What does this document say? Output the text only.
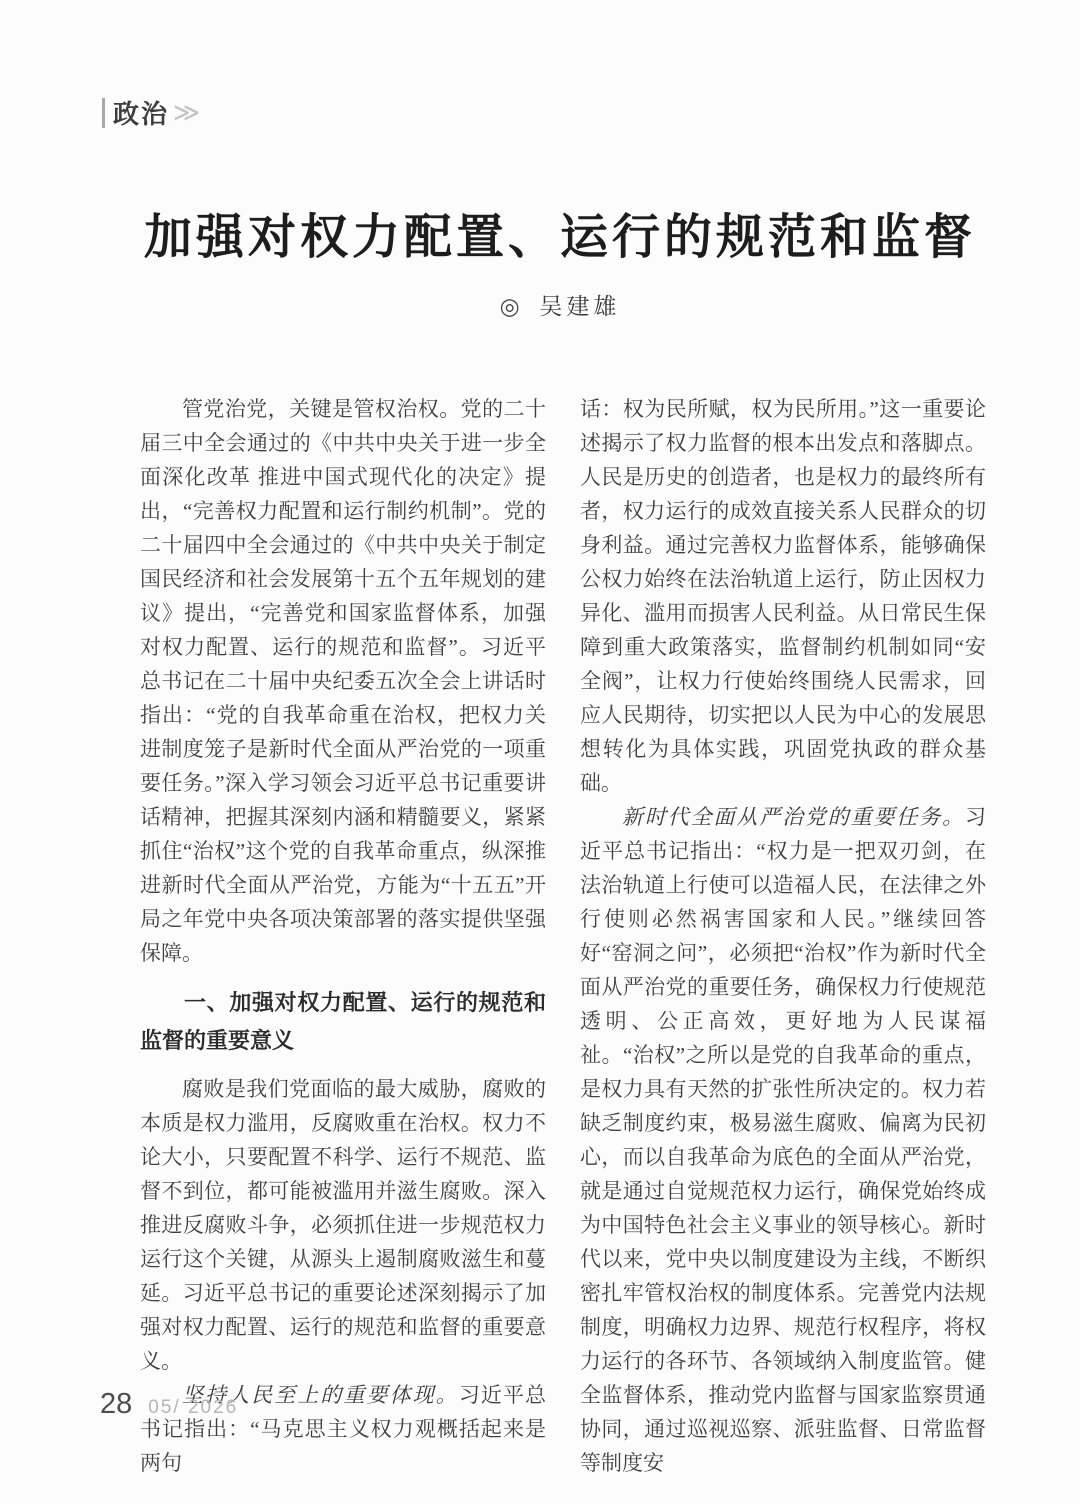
政治 ≫
加强对权力配置、运行的规范和监督
◎ 吴建雄

管党治党，关键是管权治权。党的二十届三中全会通过的《中共中央关于进一步全面深化改革 推进中国式现代化的决定》提出，“完善权力配置和运行制约机制”。党的二十届四中全会通过的《中共中央关于制定国民经济和社会发展第十五个五年规划的建议》提出，“完善党和国家监督体系，加强对权力配置、运行的规范和监督”。习近平总书记在二十届中央纪委五次全会上讲话时指出：“党的自我革命重在治权，把权力关进制度笼子是新时代全面从严治党的一项重要任务。”深入学习领会习近平总书记重要讲话精神，把握其深刻内涵和精髓要义，紧紧抓住“治权”这个党的自我革命重点，纵深推进新时代全面从严治党，方能为“十五五”开局之年党中央各项决策部署的落实提供坚强保障。

一、加强对权力配置、运行的规范和监督的重要意义

腐败是我们党面临的最大威胁，腐败的本质是权力滥用，反腐败重在治权。权力不论大小，只要配置不科学、运行不规范、监督不到位，都可能被滥用并滋生腐败。深入推进反腐败斗争，必须抓住进一步规范权力运行这个关键，从源头上遏制腐败滋生和蔓延。习近平总书记的重要论述深刻揭示了加强对权力配置、运行的规范和监督的重要意义。

坚持人民至上的重要体现。习近平总书记指出：“马克思主义权力观概括起来是两句

话：权为民所赋，权为民所用。”这一重要论述揭示了权力监督的根本出发点和落脚点。人民是历史的创造者，也是权力的最终所有者，权力运行的成效直接关系人民群众的切身利益。通过完善权力监督体系，能够确保公权力始终在法治轨道上运行，防止因权力异化、滥用而损害人民利益。从日常民生保障到重大政策落实，监督制约机制如同“安全阀”，让权力行使始终围绕人民需求，回应人民期待，切实把以人民为中心的发展思想转化为具体实践，巩固党执政的群众基础。

新时代全面从严治党的重要任务。习近平总书记指出：“权力是一把双刃剑，在法治轨道上行使可以造福人民，在法律之外行使则必然祸害国家和人民。”继续回答好“窑洞之问”，必须把“治权”作为新时代全面从严治党的重要任务，确保权力行使规范透明、公正高效，更好地为人民谋福祉。“治权”之所以是党的自我革命的重点，是权力具有天然的扩张性所决定的。权力若缺乏制度约束，极易滋生腐败、偏离为民初心，而以自我革命为底色的全面从严治党，就是通过自觉规范权力运行，确保党始终成为中国特色社会主义事业的领导核心。新时代以来，党中央以制度建设为主线，不断织密扎牢管权治权的制度体系。完善党内法规制度，明确权力边界、规范行权程序，将权力运行的各环节、各领域纳入制度监管。健全监督体系，推动党内监督与国家监察贯通协同，通过巡视巡察、派驻监督、日常监督等制度安

28 05/ 2026
